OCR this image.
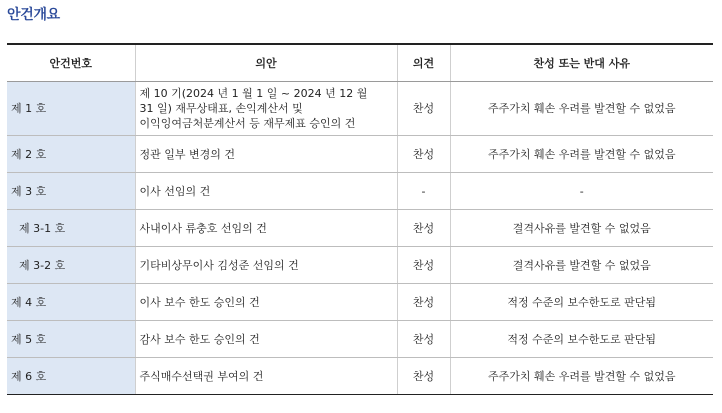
안건개요
안건번호	의안	의견	찬성 또는 반대 사유
제 1 호	제 10 기(2024 년 1 월 1 일 ~ 2024 년 12 월
31 일) 재무상태표, 손익계산서 및
이익잉여금처분계산서 등 재무제표 승인의 건	찬성	주주가치 훼손 우려를 발견할 수 없었음
제 2 호	정관 일부 변경의 건	찬성	주주가치 훼손 우려를 발견할 수 없었음
제 3 호	이사 선임의 건	-	-
제 3-1 호	사내이사 류충호 선임의 건	찬성	결격사유를 발견할 수 없었음
제 3-2 호	기타비상무이사 김성준 선임의 건	찬성	결격사유를 발견할 수 없었음
제 4 호	이사 보수 한도 승인의 건	찬성	적정 수준의 보수한도로 판단됨
제 5 호	감사 보수 한도 승인의 건	찬성	적정 수준의 보수한도로 판단됨
제 6 호	주식매수선택권 부여의 건	찬성	주주가치 훼손 우려를 발견할 수 없었음
